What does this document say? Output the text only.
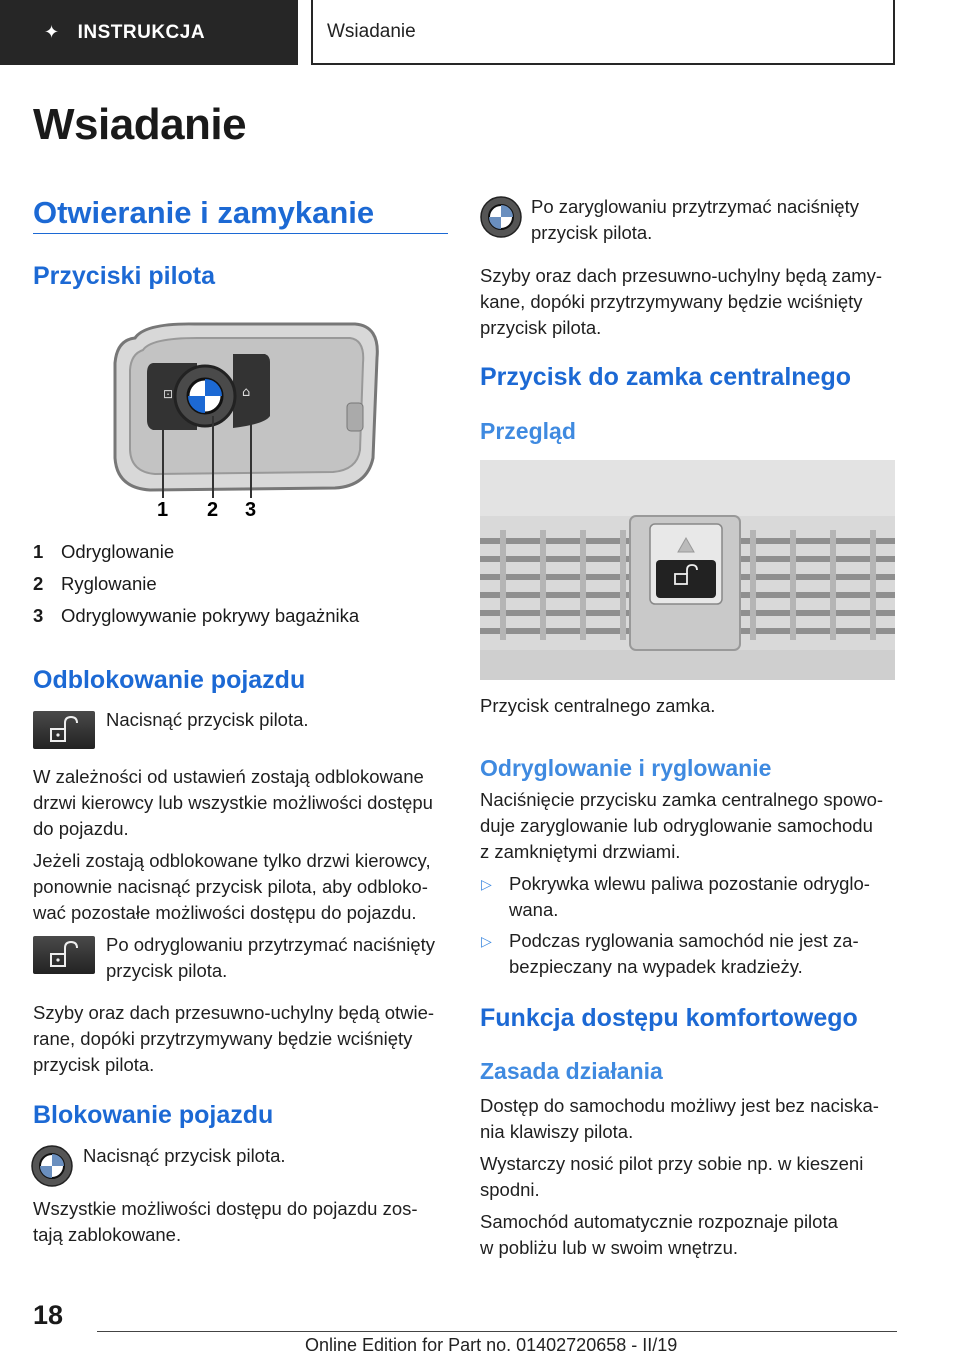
✦ INSTRUKCJA	Wsiadanie
Wsiadanie
Otwieranie i zamykanie
Przyciski pilota
⊡	⌂
1 2 3
1 Odryglowanie
2 Ryglowanie
3 Odryglowywanie pokrywy bagażnika
Odblokowanie pojazdu
Nacisnąć przycisk pilota.
W zależności od ustawień zostają odblokowane
drzwi kierowcy lub wszystkie możliwości dostępu
do pojazdu.
Jeżeli zostają odblokowane tylko drzwi kierowcy,
ponownie nacisnąć przycisk pilota, aby odbloko-
wać pozostałe możliwości dostępu do pojazdu.
Po odryglowaniu przytrzymać naciśnięty
przycisk pilota.
Szyby oraz dach przesuwno-uchylny będą otwie-
rane, dopóki przytrzymywany będzie wciśnięty
przycisk pilota.
Blokowanie pojazdu
Nacisnąć przycisk pilota.
Wszystkie możliwości dostępu do pojazdu zos-
tają zablokowane.
Po zaryglowaniu przytrzymać naciśnięty
przycisk pilota.
Szyby oraz dach przesuwno-uchylny będą zamy-
kane, dopóki przytrzymywany będzie wciśnięty
przycisk pilota.
Przycisk do zamka centralnego
Przegląd
Przycisk centralnego zamka.
Odryglowanie i ryglowanie
Naciśnięcie przycisku zamka centralnego spowo-
duje zaryglowanie lub odryglowanie samochodu
z zamkniętymi drzwiami.
▷ Pokrywka wlewu paliwa pozostanie odryglo-
wana.
▷ Podczas ryglowania samochód nie jest za-
bezpieczany na wypadek kradzieży.
Funkcja dostępu komfortowego
Zasada działania
Dostęp do samochodu możliwy jest bez naciska-
nia klawiszy pilota.
Wystarczy nosić pilot przy sobie np. w kieszeni
spodni.
Samochód automatycznie rozpoznaje pilota
w pobliżu lub w swoim wnętrzu.
18
Online Edition for Part no. 01402720658 - II/19
